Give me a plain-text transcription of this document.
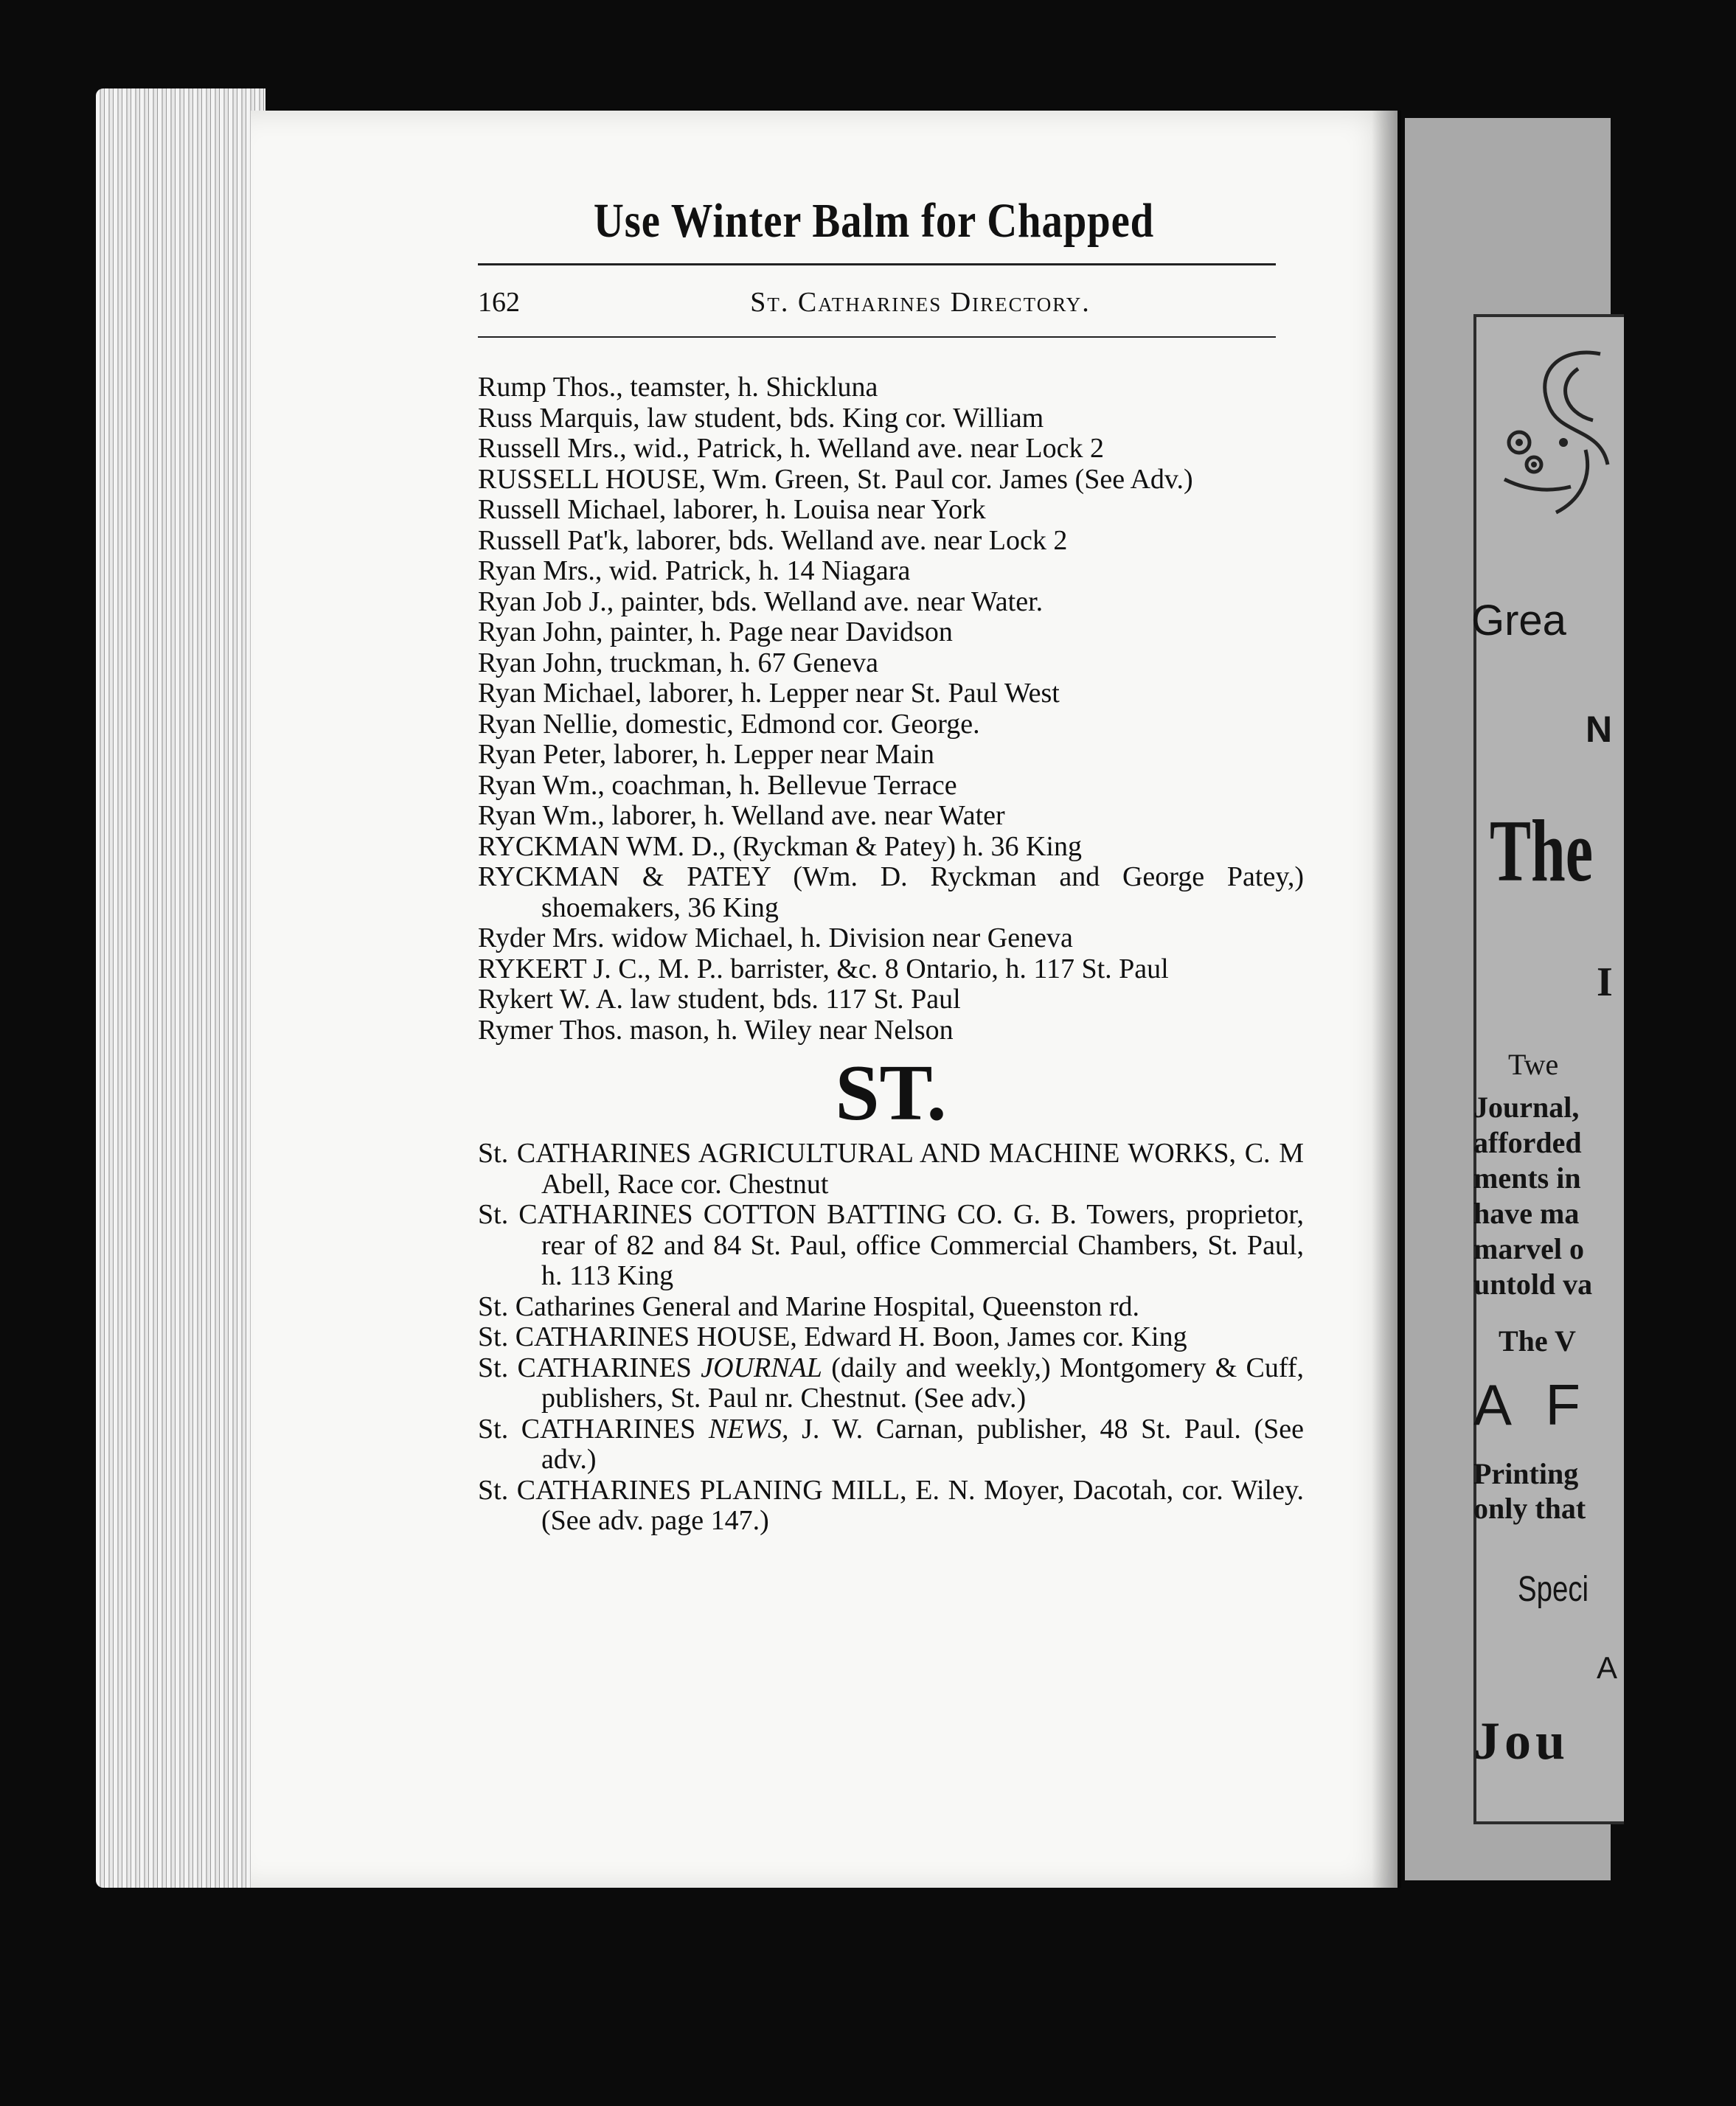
Use Winter Balm for Chapped
162	St. Catharines Directory.

Rump Thos., teamster, h. Shickluna

Russ Marquis, law student, bds. King cor. William

Russell Mrs., wid., Patrick, h. Welland ave. near Lock 2

RUSSELL HOUSE, Wm. Green, St. Paul cor. James (See Adv.)

Russell Michael, laborer, h. Louisa near York

Russell Pat'k, laborer, bds. Welland ave. near Lock 2

Ryan Mrs., wid. Patrick, h. 14 Niagara

Ryan Job J., painter, bds. Welland ave. near Water.

Ryan John, painter, h. Page near Davidson

Ryan John, truckman, h. 67 Geneva

Ryan Michael, laborer, h. Lepper near St. Paul West

Ryan Nellie, domestic, Edmond cor. George.

Ryan Peter, laborer, h. Lepper near Main

Ryan Wm., coachman, h. Bellevue Terrace

Ryan Wm., laborer, h. Welland ave. near Water

RYCKMAN WM. D., (Ryckman & Patey) h. 36 King

RYCKMAN & PATEY (Wm. D. Ryckman and George Patey,) shoemakers, 36 King

Ryder Mrs. widow Michael, h. Division near Geneva

RYKERT J. C., M. P.. barrister, &c. 8 Ontario, h. 117 St. Paul

Rykert W. A. law student, bds. 117 St. Paul

Rymer Thos. mason, h. Wiley near Nelson

ST.

St. CATHARINES AGRICULTURAL AND MACHINE WORKS, C. M Abell, Race cor. Chestnut

St. CATHARINES COTTON BATTING CO. G. B. Towers, proprietor, rear of 82 and 84 St. Paul, office Commercial Chambers, St. Paul, h. 113 King

St. Catharines General and Marine Hospital, Queenston rd.

St. CATHARINES HOUSE, Edward H. Boon, James cor. King

St. CATHARINES JOURNAL (daily and weekly,) Montgomery & Cuff, publishers, St. Paul nr. Chestnut. (See adv.)

St. CATHARINES NEWS, J. W. Carnan, publisher, 48 St. Paul. (See adv.)

St. CATHARINES PLANING MILL, E. N. Moyer, Dacotah, cor. Wiley. (See adv. page 147.)

Grea
N
The
I
Twe
Journal,
afforded
ments in
have ma
marvel o
untold va
The V
A F
Printing
only that
Speci
A
Jou
